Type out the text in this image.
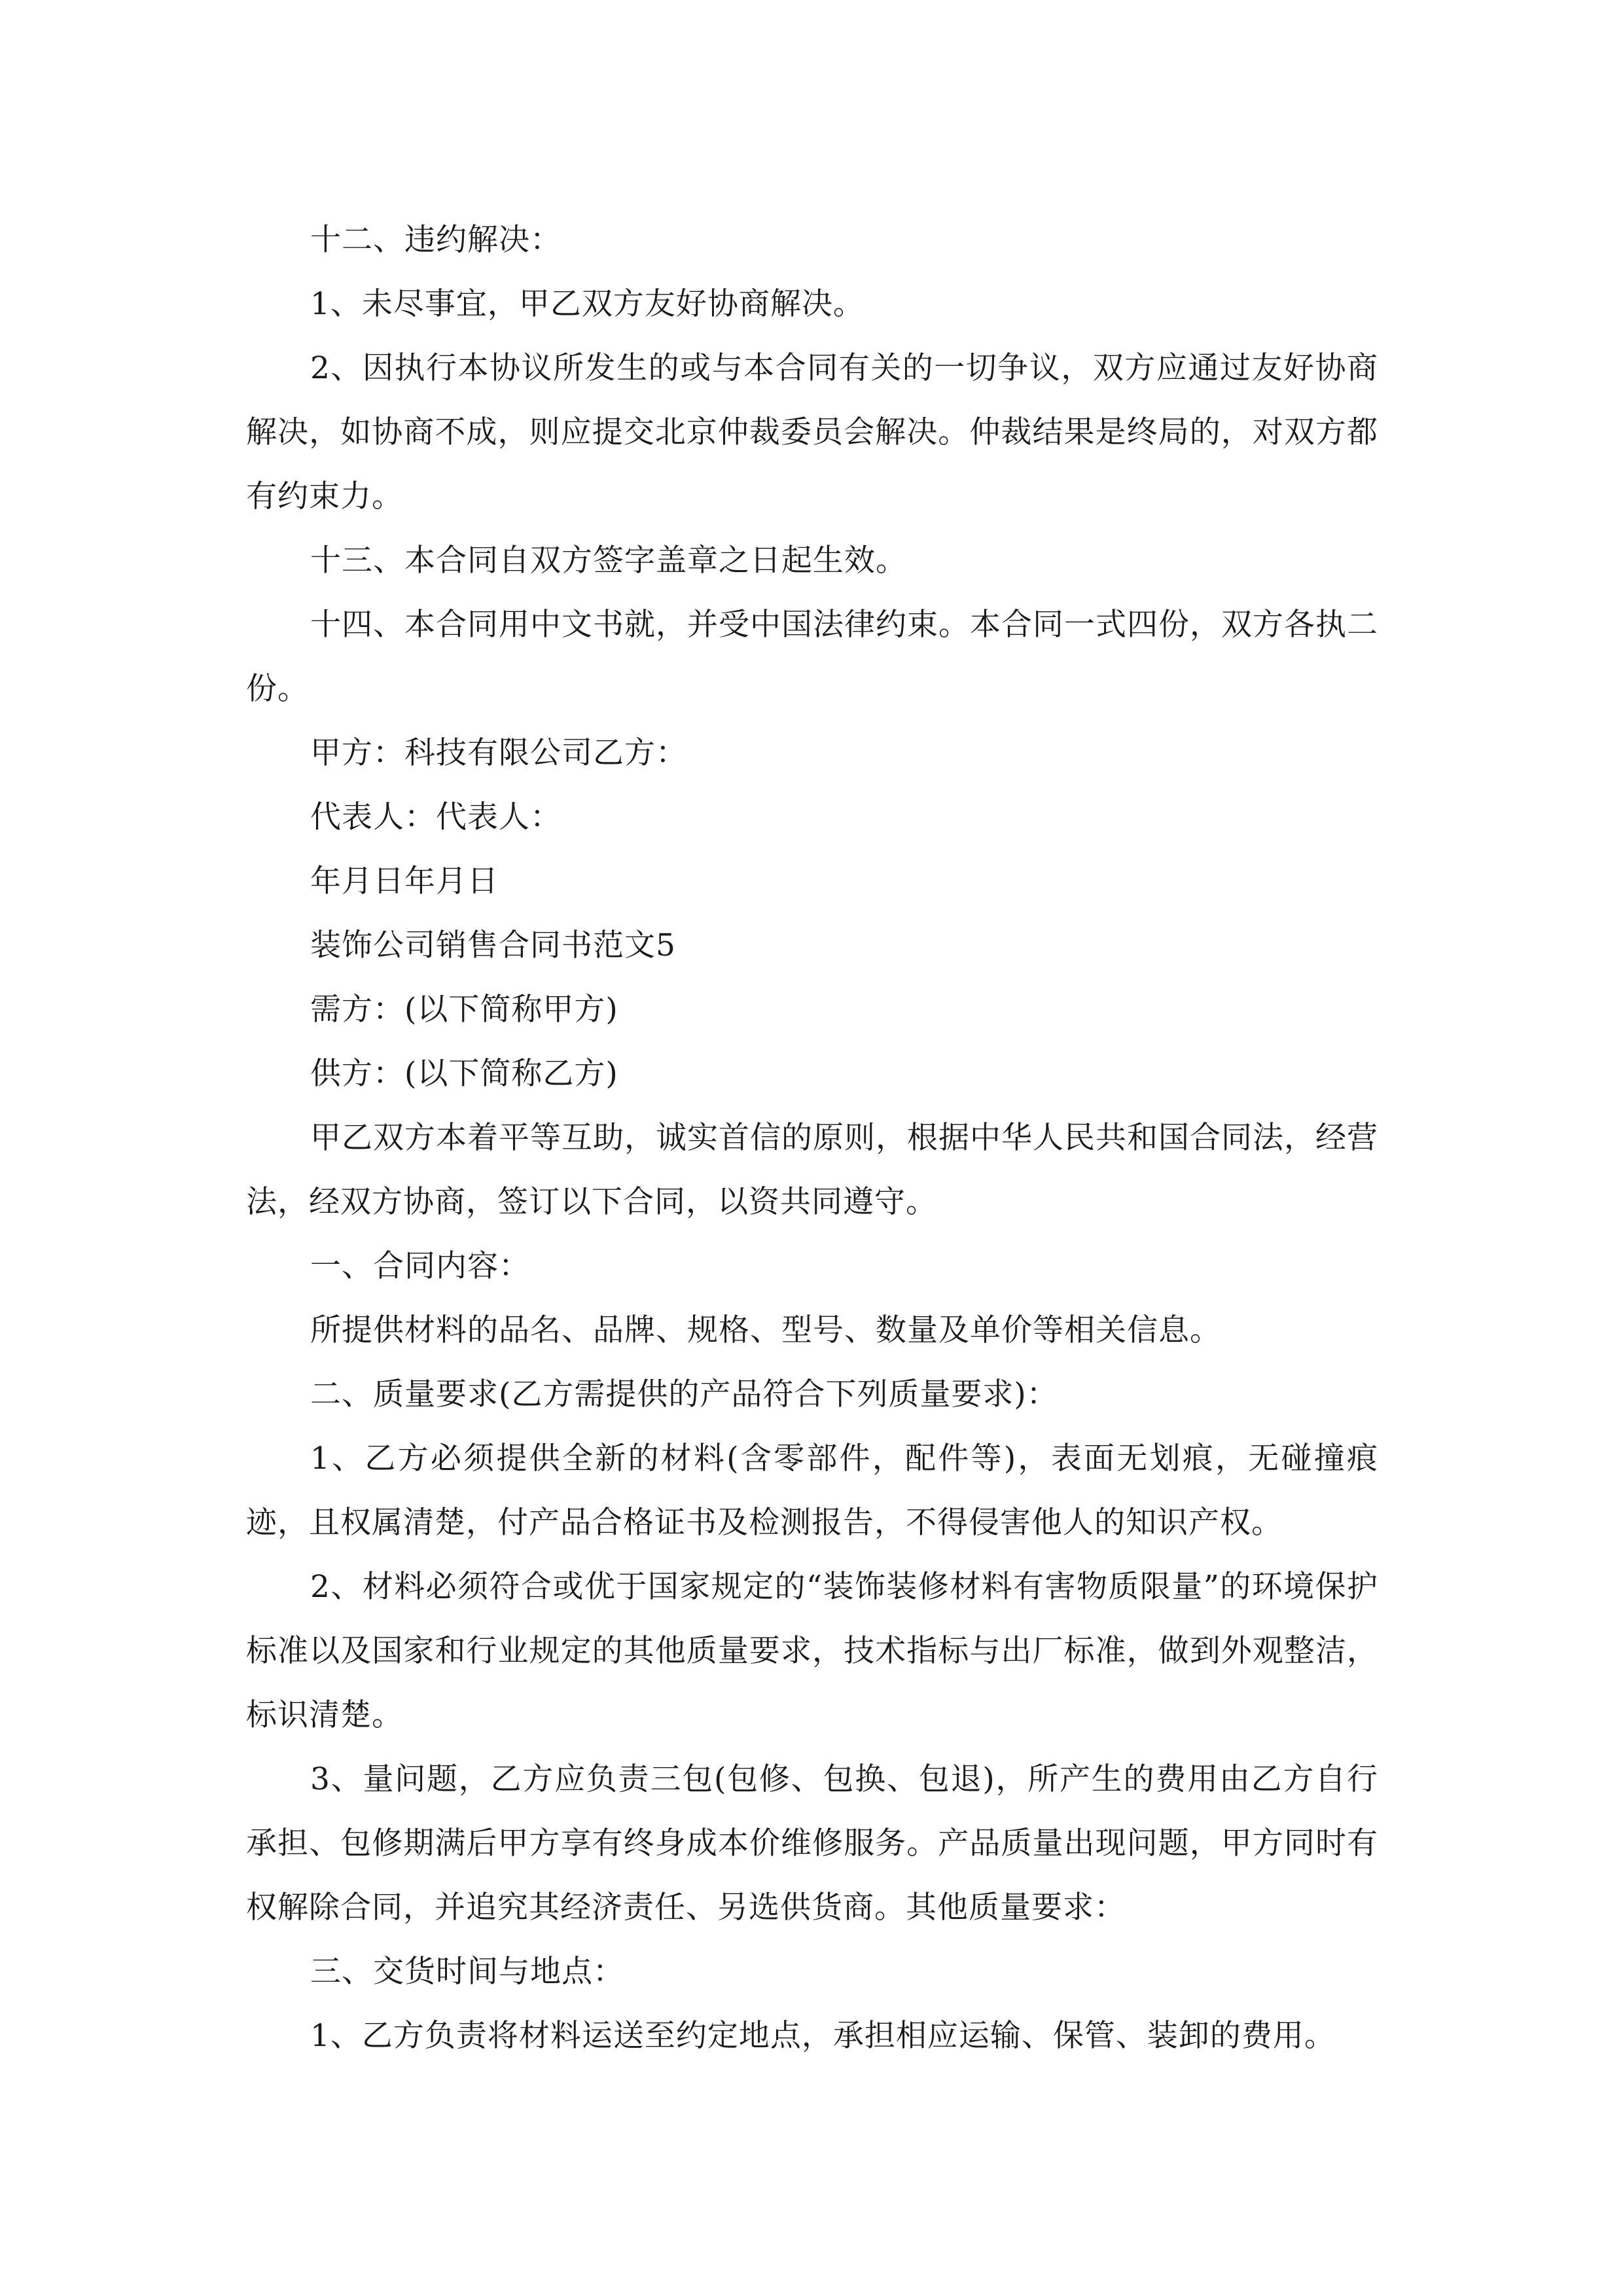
十二、违约解决：

1、未尽事宜，甲乙双方友好协商解决。

2、因执行本协议所发生的或与本合同有关的一切争议，双方应通过友好协商解决，如协商不成，则应提交北京仲裁委员会解决。仲裁结果是终局的，对双方都有约束力。

十三、本合同自双方签字盖章之日起生效。

十四、本合同用中文书就，并受中国法律约束。本合同一式四份，双方各执二份。

甲方：科技有限公司乙方：

代表人：代表人：

年月日年月日

装饰公司销售合同书范文5

需方：(以下简称甲方)

供方：(以下简称乙方)

甲乙双方本着平等互助，诚实首信的原则，根据中华人民共和国合同法，经营法，经双方协商，签订以下合同，以资共同遵守。

一、合同内容：

所提供材料的品名、品牌、规格、型号、数量及单价等相关信息。

二、质量要求(乙方需提供的产品符合下列质量要求)：

1、乙方必须提供全新的材料(含零部件，配件等)，表面无划痕，无碰撞痕迹，且权属清楚，付产品合格证书及检测报告，不得侵害他人的知识产权。

2、材料必须符合或优于国家规定的“装饰装修材料有害物质限量”的环境保护标准以及国家和行业规定的其他质量要求，技术指标与出厂标准，做到外观整洁，标识清楚。

3、量问题，乙方应负责三包(包修、包换、包退)，所产生的费用由乙方自行承担、包修期满后甲方享有终身成本价维修服务。产品质量出现问题，甲方同时有权解除合同，并追究其经济责任、另选供货商。其他质量要求：

三、交货时间与地点：

1、乙方负责将材料运送至约定地点，承担相应运输、保管、装卸的费用。
